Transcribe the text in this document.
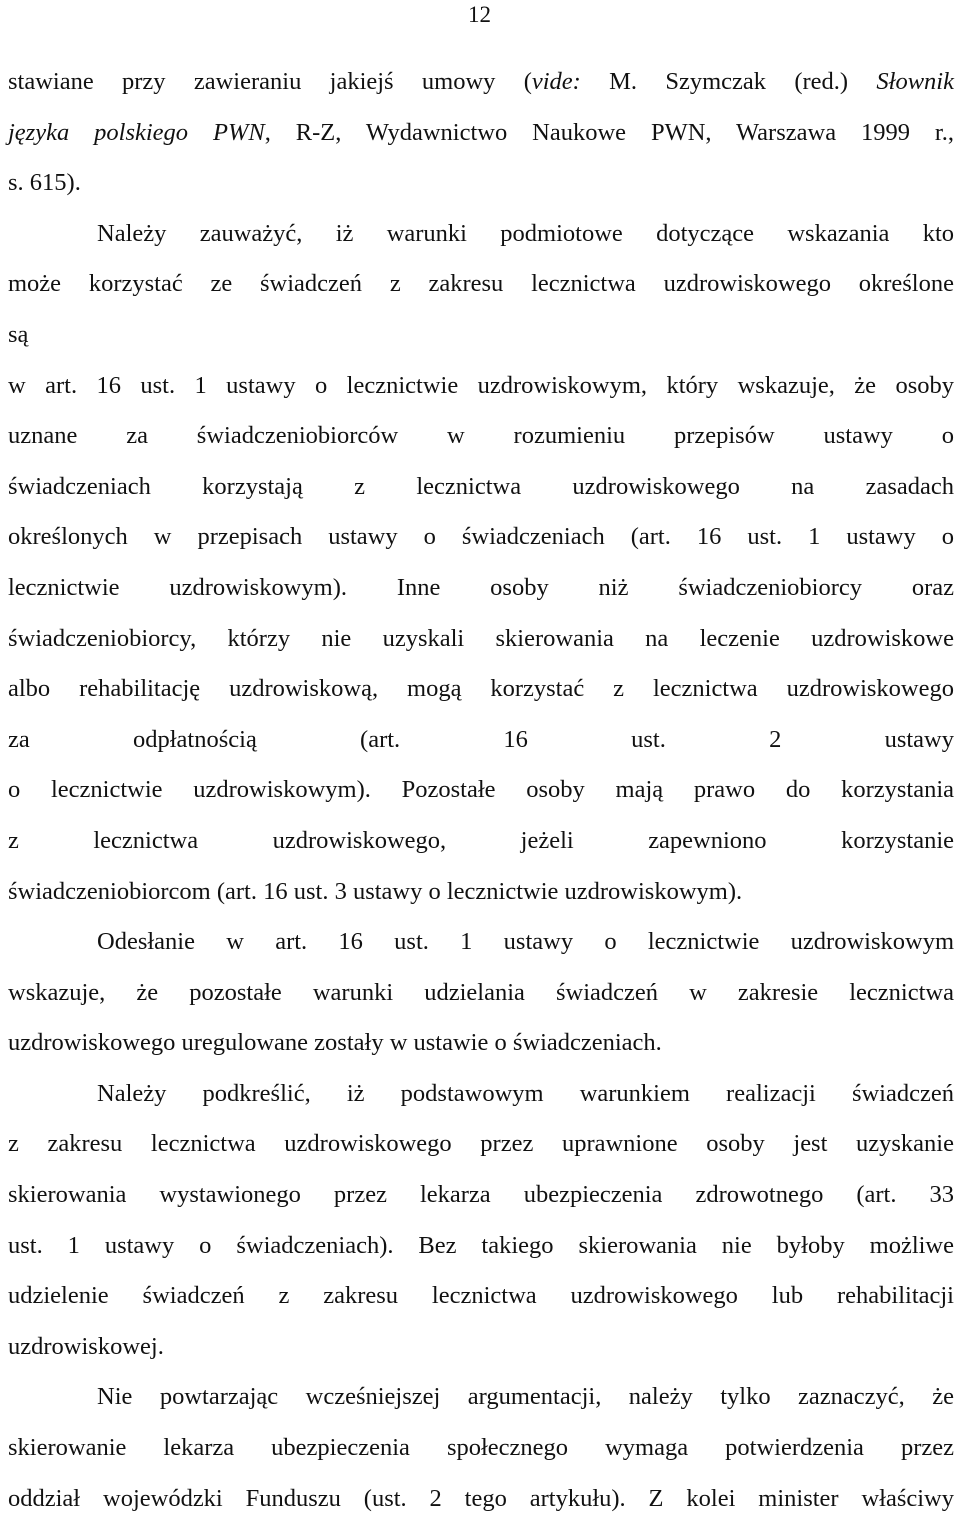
12
stawiane przy zawieraniu jakiejś umowy (vide: M. Szymczak (red.) Słownik
języka polskiego PWN, R-Z, Wydawnictwo Naukowe PWN, Warszawa 1999 r.,
s. 615).
Należy zauważyć, iż warunki podmiotowe dotyczące wskazania kto
może korzystać ze świadczeń z zakresu lecznictwa uzdrowiskowego określone
są
w art. 16 ust. 1 ustawy o lecznictwie uzdrowiskowym, który wskazuje, że osoby
uznane za świadczeniobiorców w rozumieniu przepisów ustawy o
świadczeniach korzystają z lecznictwa uzdrowiskowego na zasadach
określonych w przepisach ustawy o świadczeniach (art. 16 ust. 1 ustawy o
lecznictwie uzdrowiskowym). Inne osoby niż świadczeniobiorcy oraz
świadczeniobiorcy, którzy nie uzyskali skierowania na leczenie uzdrowiskowe
albo rehabilitację uzdrowiskową, mogą korzystać z lecznictwa uzdrowiskowego
za odpłatnością (art. 16 ust. 2 ustawy
o lecznictwie uzdrowiskowym). Pozostałe osoby mają prawo do korzystania
z lecznictwa uzdrowiskowego, jeżeli zapewniono korzystanie
świadczeniobiorcom (art. 16 ust. 3 ustawy o lecznictwie uzdrowiskowym).
Odesłanie w art. 16 ust. 1 ustawy o lecznictwie uzdrowiskowym
wskazuje, że pozostałe warunki udzielania świadczeń w zakresie lecznictwa
uzdrowiskowego uregulowane zostały w ustawie o świadczeniach.
Należy podkreślić, iż podstawowym warunkiem realizacji świadczeń
z zakresu lecznictwa uzdrowiskowego przez uprawnione osoby jest uzyskanie
skierowania wystawionego przez lekarza ubezpieczenia zdrowotnego (art. 33
ust. 1 ustawy o świadczeniach). Bez takiego skierowania nie byłoby możliwe
udzielenie świadczeń z zakresu lecznictwa uzdrowiskowego lub rehabilitacji
uzdrowiskowej.
Nie powtarzając wcześniejszej argumentacji, należy tylko zaznaczyć, że
skierowanie lekarza ubezpieczenia społecznego wymaga potwierdzenia przez
oddział wojewódzki Funduszu (ust. 2 tego artykułu). Z kolei minister właściwy
